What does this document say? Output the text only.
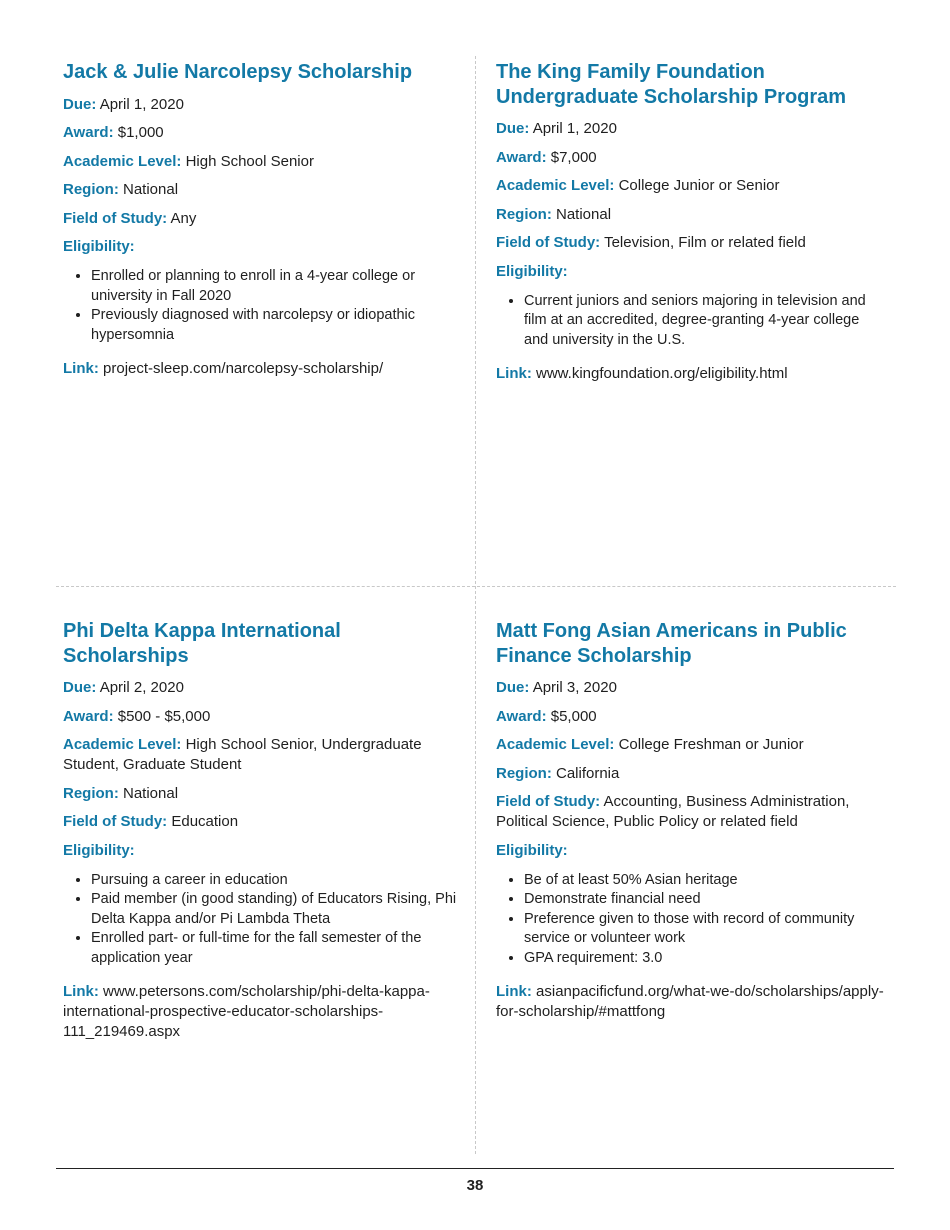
Jack & Julie Narcolepsy Scholarship
Due: April 1, 2020
Award: $1,000
Academic Level: High School Senior
Region: National
Field of Study: Any
Eligibility:
• Enrolled or planning to enroll in a 4-year college or university in Fall 2020
• Previously diagnosed with narcolepsy or idiopathic hypersomnia
Link: project-sleep.com/narcolepsy-scholarship/
The King Family Foundation Undergraduate Scholarship Program
Due: April 1, 2020
Award: $7,000
Academic Level: College Junior or Senior
Region: National
Field of Study: Television, Film or related field
Eligibility:
• Current juniors and seniors majoring in television and film at an accredited, degree-granting 4-year college and university in the U.S.
Link: www.kingfoundation.org/eligibility.html
Phi Delta Kappa International Scholarships
Due: April 2, 2020
Award: $500 - $5,000
Academic Level: High School Senior, Undergraduate Student, Graduate Student
Region: National
Field of Study: Education
Eligibility:
• Pursuing a career in education
• Paid member (in good standing) of Educators Rising, Phi Delta Kappa and/or Pi Lambda Theta
• Enrolled part- or full-time for the fall semester of the application year
Link: www.petersons.com/scholarship/phi-delta-kappa-international-prospective-educator-scholarships-111_219469.aspx
Matt Fong Asian Americans in Public Finance Scholarship
Due: April 3, 2020
Award: $5,000
Academic Level: College Freshman or Junior
Region: California
Field of Study: Accounting, Business Administration, Political Science, Public Policy or related field
Eligibility:
• Be of at least 50% Asian heritage
• Demonstrate financial need
• Preference given to those with record of community service or volunteer work
• GPA requirement: 3.0
Link: asianpacificfund.org/what-we-do/scholarships/apply-for-scholarship/#mattfong
38
